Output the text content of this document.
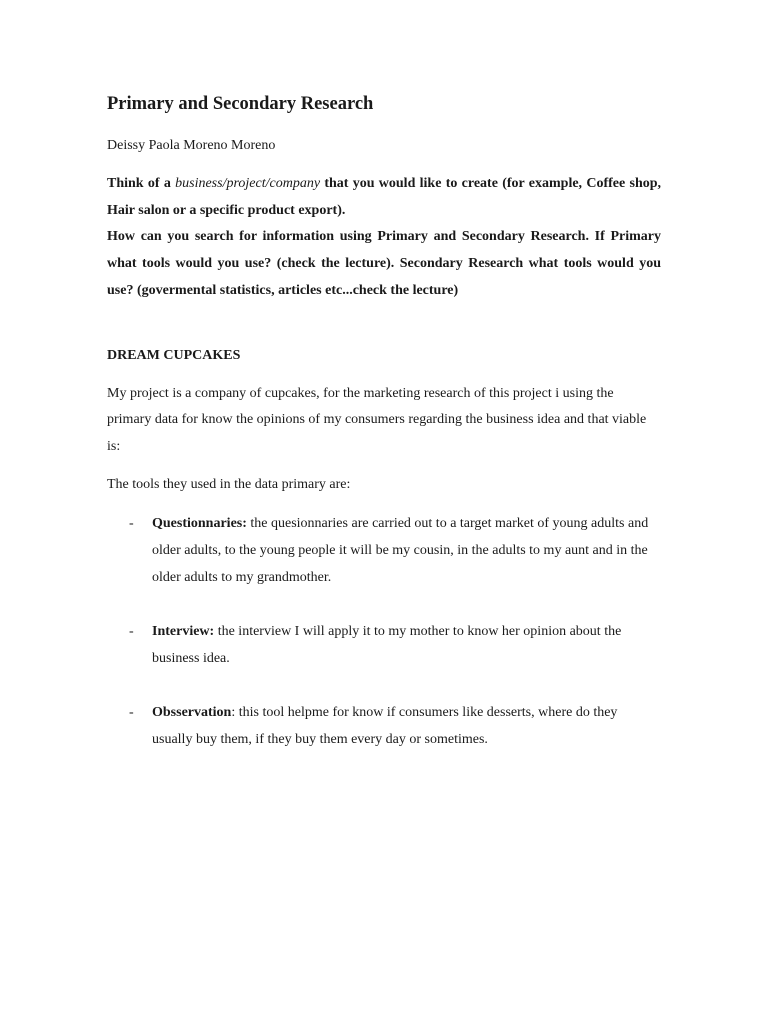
Primary and Secondary Research
Deissy Paola Moreno Moreno

Think of a business/project/company that you would like to create (for example, Coffee shop, Hair salon or a specific product export).

How can you search for information using Primary and Secondary Research. If Primary what tools would you use? (check the lecture). Secondary Research what tools would you use? (govermental statistics, articles etc...check the lecture)

DREAM CUPCAKES

My project is a company of cupcakes, for the marketing research of this project i using the primary data for know the opinions of my consumers regarding the business idea and that viable is:

The tools they used in the data primary are:

- Questionnaries: the quesionnaries are carried out to a target market of young adults and older adults, to the young people it will be my cousin, in the adults to my aunt and in the older adults to my grandmother.
- Interview: the interview I will apply it to my mother to know her opinion about the business idea.
- Obsservation: this tool helpme for know if consumers like desserts, where do they usually buy them, if they buy them every day or sometimes.
